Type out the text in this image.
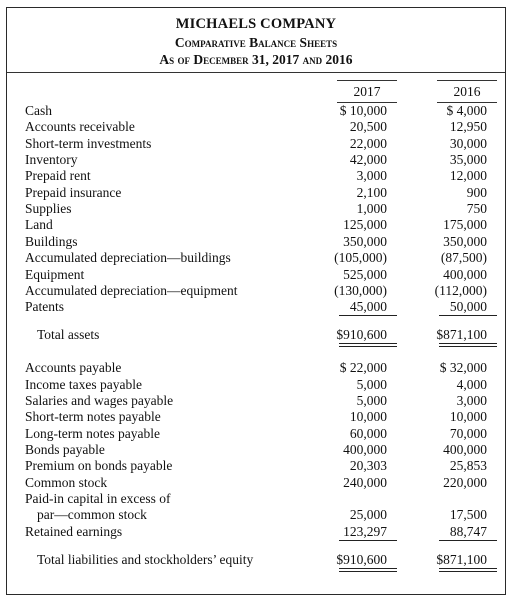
MICHAELS COMPANY
Comparative Balance Sheets
As of December 31, 2017 and 2016
2017	2016
Cash	$ 10,000	$ 4,000
Accounts receivable	20,500	12,950
Short-term investments	22,000	30,000
Inventory	42,000	35,000
Prepaid rent	3,000	12,000
Prepaid insurance	2,100	900
Supplies	1,000	750
Land	125,000	175,000
Buildings	350,000	350,000
Accumulated depreciation—buildings	(105,000)	(87,500)
Equipment	525,000	400,000
Accumulated depreciation—equipment	(130,000)	(112,000)
Patents	45,000	50,000
Total assets	$910,600	$871,100
Accounts payable	$ 22,000	$ 32,000
Income taxes payable	5,000	4,000
Salaries and wages payable	5,000	3,000
Short-term notes payable	10,000	10,000
Long-term notes payable	60,000	70,000
Bonds payable	400,000	400,000
Premium on bonds payable	20,303	25,853
Common stock	240,000	220,000
Paid-in capital in excess of
par—common stock	25,000	17,500
Retained earnings	123,297	88,747
Total liabilities and stockholders’ equity	$910,600	$871,100
